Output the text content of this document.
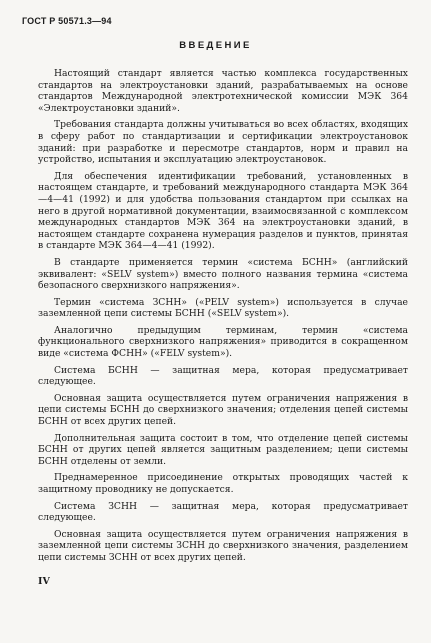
ГОСТ Р 50571.3—94
ВВЕДЕНИЕ

Настоящий стандарт является частью комплекса государственных стандартов на электроустановки зданий, разрабатываемых на основе стандартов Международной электротехнической комиссии МЭК 364 «Электроустановки зданий».

Требования стандарта должны учитываться во всех областях, входящих в сферу работ по стандартизации и сертификации электроустановок зданий: при разработке и пересмотре стандартов, норм и правил на устройство, испытания и эксплуатацию электроустановок.

Для обеспечения идентификации требований, установленных в настоящем стандарте, и требований международного стандарта МЭК 364—4—41 (1992) и для удобства пользования стандартом при ссылках на него в другой нормативной документации, взаимосвязанной с комплексом международных стандартов МЭК 364 на электроустановки зданий, в настоящем стандарте сохранена нумерация разделов и пунктов, принятая в стандарте МЭК 364—4—41 (1992).

В стандарте применяется термин «система БСНН» (английский эквивалент: «SELV system») вместо полного названия термина «система безопасного сверхнизкого напряжения».

Термин «система ЗСНН» («PELV system») используется в случае заземленной цепи системы БСНН («SELV system»).

Аналогично предыдущим терминам, термин «система функционального сверхнизкого напряжения» приводится в сокращенном виде «система ФСНН» («FELV system»).

Система БСНН — защитная мера, которая предусматривает следующее.

Основная защита осуществляется путем ограничения напряжения в цепи системы БСНН до сверхнизкого значения; отделения цепей системы БСНН от всех других цепей.

Дополнительная защита состоит в том, что отделение цепей системы БСНН от других цепей является защитным разделением; цепи системы БСНН отделены от земли.

Преднамеренное присоединение открытых проводящих частей к защитному проводнику не допускается.

Система ЗСНН — защитная мера, которая предусматривает следующее.

Основная защита осуществляется путем ограничения напряжения в заземленной цепи системы ЗСНН до сверхнизкого значения, разделением цепи системы ЗСНН от всех других цепей.

IV
